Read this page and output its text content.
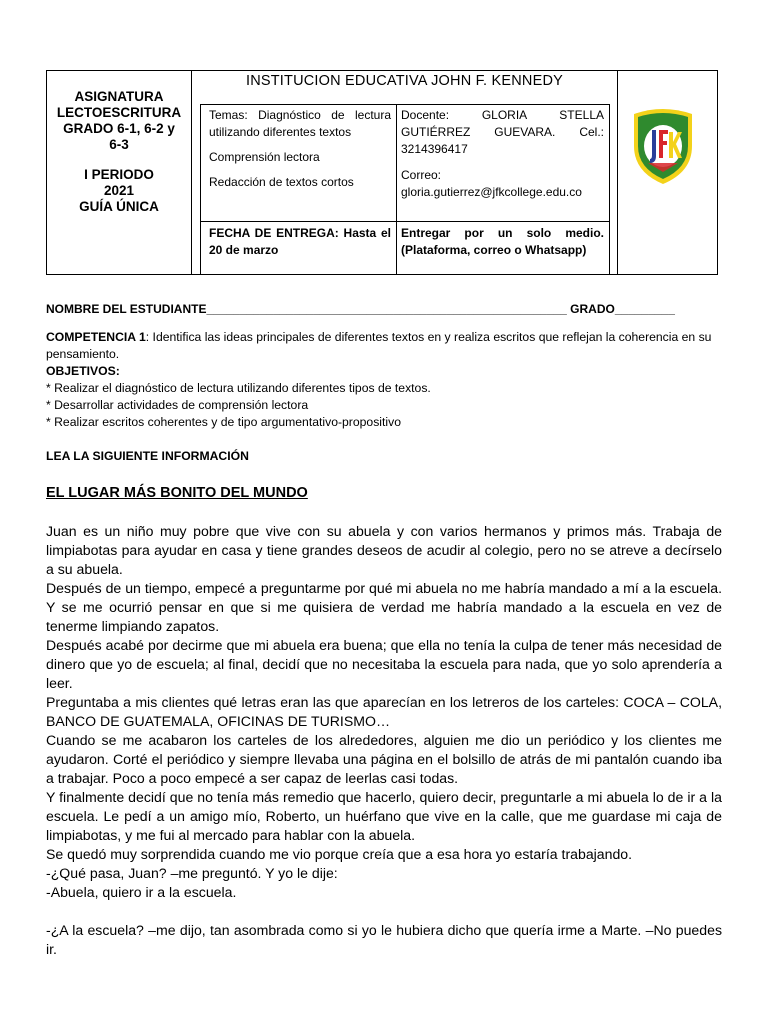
ASIGNATURA
LECTOESCRITURA
GRADO 6-1, 6-2 y
6-3
I PERIODO
2021
GUÍA ÚNICA
INSTITUCION EDUCATIVA JOHN F. KENNEDY

Temas: Diagnóstico de lectura utilizando diferentes textos

Comprensión lectora

Redacción de textos cortos

Docente: GLORIA STELLA GUTIÉRREZ GUEVARA. Cel.:
3214396417
Correo:
gloria.gutierrez@jfkcollege.edu.co
FECHA DE ENTREGA: Hasta el 20 de marzo
Entregar por un solo medio.
(Plataforma, correo o Whatsapp)
NOMBRE DEL ESTUDIANTE______________________________________________________ GRADO_________
COMPETENCIA 1: Identifica las ideas principales de diferentes textos en y realiza escritos que reflejan la coherencia en su pensamiento.
OBJETIVOS:
* Realizar el diagnóstico de lectura utilizando diferentes tipos de textos.
* Desarrollar actividades de comprensión lectora
* Realizar escritos coherentes y de tipo argumentativo-propositivo
LEA LA SIGUIENTE INFORMACIÓN
EL LUGAR MÁS BONITO DEL MUNDO

Juan es un niño muy pobre que vive con su abuela y con varios hermanos y primos más. Trabaja de limpiabotas para ayudar en casa y tiene grandes deseos de acudir al colegio, pero no se atreve a decírselo a su abuela.

Después de un tiempo, empecé a preguntarme por qué mi abuela no me habría mandado a mí a la escuela. Y se me ocurrió pensar en que si me quisiera de verdad me habría mandado a la escuela en vez de tenerme limpiando zapatos.

Después acabé por decirme que mi abuela era buena; que ella no tenía la culpa de tener más necesidad de dinero que yo de escuela; al final, decidí que no necesitaba la escuela para nada, que yo solo aprendería a leer.

Preguntaba a mis clientes qué letras eran las que aparecían en los letreros de los carteles: COCA – COLA, BANCO DE GUATEMALA, OFICINAS DE TURISMO…

Cuando se me acabaron los carteles de los alrededores, alguien me dio un periódico y los clientes me ayudaron. Corté el periódico y siempre llevaba una página en el bolsillo de atrás de mi pantalón cuando iba a trabajar. Poco a poco empecé a ser capaz de leerlas casi todas.

Y finalmente decidí que no tenía más remedio que hacerlo, quiero decir, preguntarle a mi abuela lo de ir a la escuela. Le pedí a un amigo mío, Roberto, un huérfano que vive en la calle, que me guardase mi caja de limpiabotas, y me fui al mercado para hablar con la abuela.

Se quedó muy sorprendida cuando me vio porque creía que a esa hora yo estaría trabajando.

-¿Qué pasa, Juan? –me preguntó. Y yo le dije:

-Abuela, quiero ir a la escuela.

-¿A la escuela? –me dijo, tan asombrada como si yo le hubiera dicho que quería irme a Marte. –No puedes ir.
